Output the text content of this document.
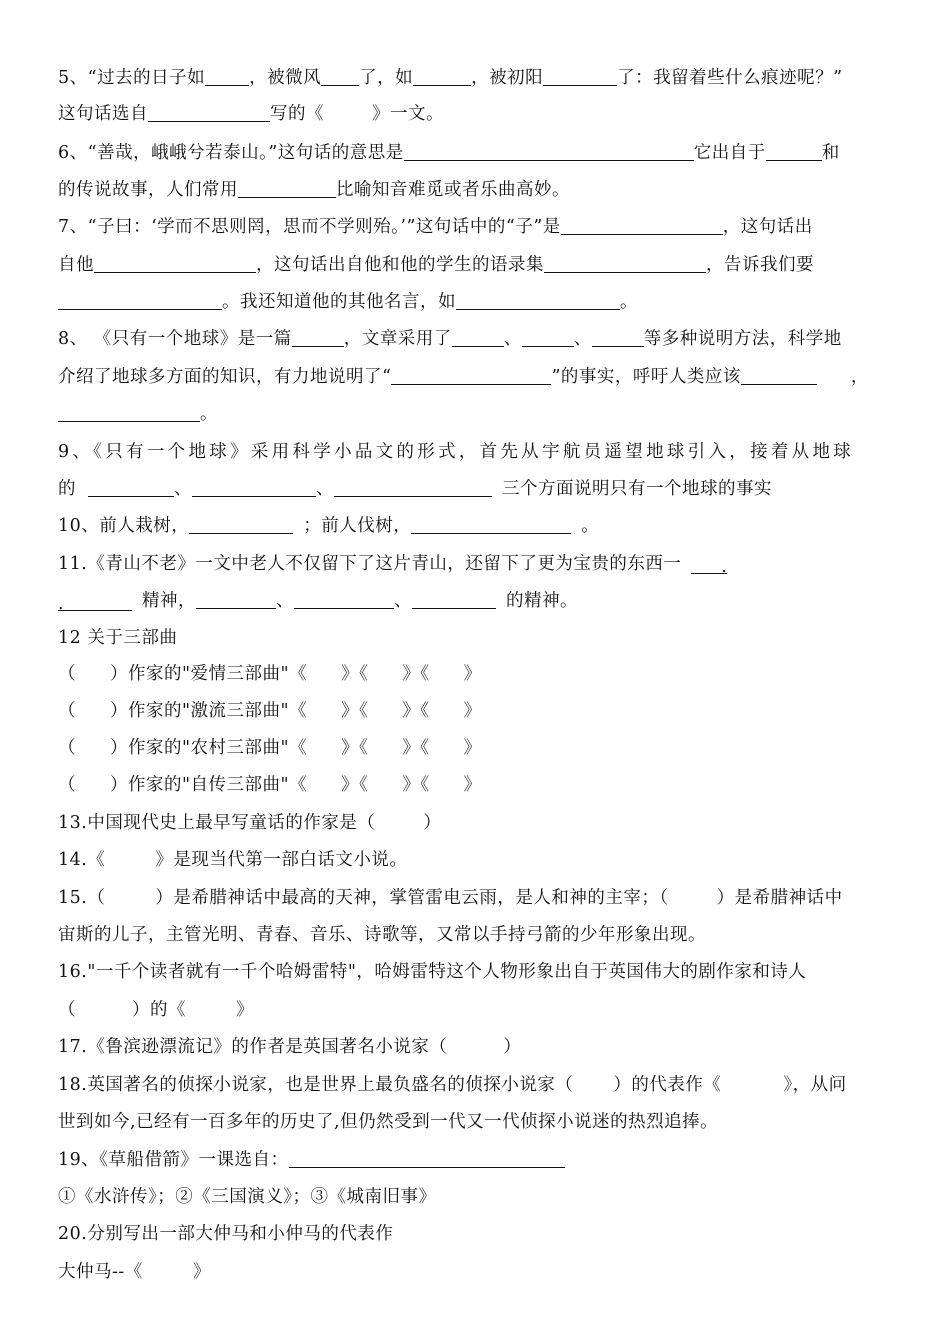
5、“过去的日子如	，被微风 了，如	，被初阳	了：我留着些什么痕迹呢？”
这句话选自	写的《	》一文。
6、“善哉，峨峨兮若泰山。”这句话的意思是	它出自于	和
的传说故事，人们常用	比喻知音难觅或者乐曲高妙。
7、“子曰：‘学而不思则罔，思而不学则殆。’”这句话中的“子”是	，这句话出
自他	，这句话出自他和他的学生的语录集	，告诉我们要
。我还知道他的其他名言，如	。
8、 《只有一个地球》是一篇	，文章采用了	、	、	等多种说明方法，科学地
介绍了地球多方面的知识，有力地说明了“	”的事实，呼吁人类应该	，
。
9、《只有一个地球》采用科学小品文的形式，首先从宇航员遥望地球引入，接着从地球
的	、	、	三个方面说明只有一个地球的事实
10、前人栽树，	；前人伐树，	。
11.《青山不老》一文中老人不仅留下了这片青山，还留下了更为宝贵的东西一 .
.	精神，	、	、	的精神。
12 关于三部曲
（ ）作家的"爱情三部曲"《 》《 》《 》
（ ）作家的"激流三部曲"《 》《 》《 》
（ ）作家的"农村三部曲"《 》《 》《 》
（ ）作家的"自传三部曲"《 》《 》《 》
13.中国现代史上最早写童话的作家是（	）
14.《	》是现当代第一部白话文小说。
15.（	）是希腊神话中最高的天神，掌管雷电云雨，是人和神的主宰；（	）是希腊神话中
宙斯的儿子，主管光明、青春、音乐、诗歌等，又常以手持弓箭的少年形象出现。
16."一千个读者就有一千个哈姆雷特"，哈姆雷特这个人物形象出自于英国伟大的剧作家和诗人
（	）的《	》
17.《鲁滨逊漂流记》的作者是英国著名小说家（	）
18.英国著名的侦探小说家，也是世界上最负盛名的侦探小说家（ ）的代表作《	》，从问
世到如今,已经有一百多年的历史了,但仍然受到一代又一代侦探小说迷的热烈追捧。
19、《草船借箭》一课选自：
①《水浒传》；②《三国演义》；③《城南旧事》
20.分别写出一部大仲马和小仲马的代表作
大仲马--《	》
